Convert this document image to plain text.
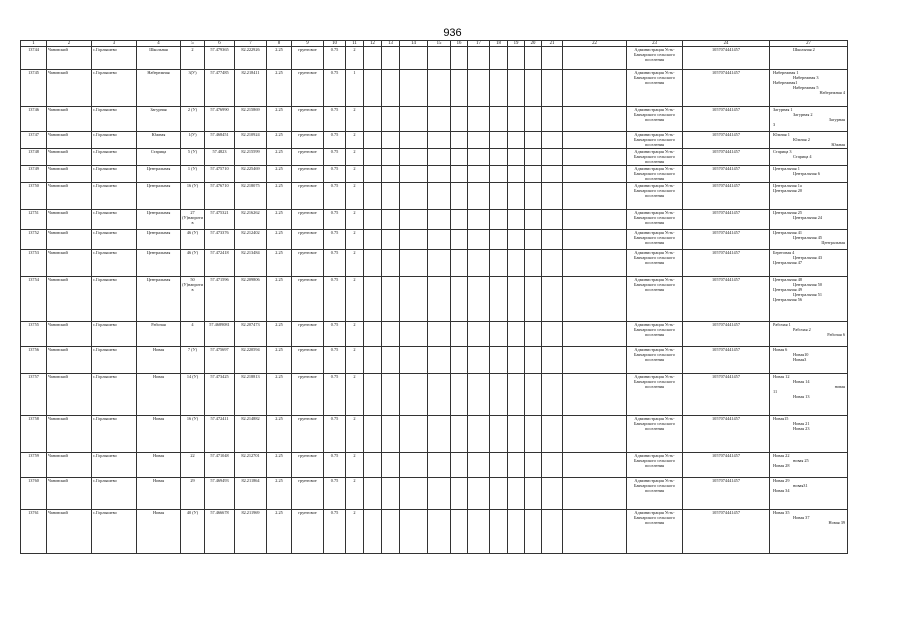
936
1	2	3	4	5	6	7	8	9	10	11	12	13	14	15	16	17	18	19	20	21	22	23	24	27
13744	Чановский	с.Горлышево	Школьная	2	57.479365	82.222926	2.25	грунтовое	0.75	2												Администрация Усть-Бакчарского сельского поселения	1057074441457	Школьная 2

13745	Чановский	с.Горлышево	Набережная	3(У)	57.477485	82.218411	2.25	грунтовое	0.75	1												Администрация Усть-Бакчарского сельского поселения	1057074441457	Набережная 1
Набережная 3
Набережная1
Набережная 5
Набережная 4

13746	Чановский	с.Горлышево	Загурная	2 (У)	57.476990	82.215869	2.25	грунтовое	0.75	2												Администрация Усть-Бакчарского сельского поселения	1057074441457	Загурная 1
Загурная 2
Загурная
3

13747	Чановский	с.Горлышево	Южная	1(У)	57.468451	82.210924	2.25	грунтовое	0.75	2												Администрация Усть-Бакчарского сельского поселения	1057074441457	Южная 1
Южная 2
Южная

13748	Чановский	с.Горлышево	Старица	5 (У)	57.4823	82.215599	2.25	грунтовое	0.75	2												Администрация Усть-Бакчарского сельского поселения	1057074441457	Старица 3
Старица 4

13749	Чановский	с.Горлышево	Центральная	1 (У)	57.475710	82.225469	2.25	грунтовое	0.75	2												Администрация Усть-Бакчарского сельского поселения	1057074441457	Центральная 1
Центральная 6

13750	Чановский	с.Горлышево	Центральная	16 (У)	57.476710	82.218075	2.25	грунтовое	0.75	2												Администрация Усть-Бакчарского сельского поселения	1057074441457	Центральная 1а
Центральная 20

12751	Чановский	с.Горлышево	Центральная	27 (У)напротив	57.475321	82.216262	2.25	грунтовое	0.75	2												Администрация Усть-Бакчарского сельского поселения	1057074441457	Центральная 25
Центральная 24

13752	Чановский	с.Горлышево	Центральная	46 (У)	57.473376	82.212402	2.25	грунтовое	0.75	2												Администрация Усть-Бакчарского сельского поселения	1057074441457	Центральная 41
Центральная 45
Центральная

13753	Чановский	с.Горлышево	Центральная	46 (У)	57.472418	82.213484	2.25	грунтовое	0.75	2												Администрация Усть-Бакчарского сельского поселения	1057074441457	Береговая 4
Центральная 43
Центральная 47

13754	Чановский	с.Горлышево	Центральная	50 (У)напротив	57.471596	82.209806	2.25	грунтовое	0.75	2												Администрация Усть-Бакчарского сельского поселения	1057074441457	Центральная 48
Центральная 50
Центральная 49
Центральная 51
Центральная 56

13755	Чановский	с.Горлышево	Рабочая	4	57.4689081	82.207473	2.25	грунтовое	0.75	2												Администрация Усть-Бакчарского сельского поселения	1057074441457	Рабочая 1
Рабочая 2
Рабочая 6

13756	Чановский	с.Горлышево	Новая	7 (У)	57.475697	82.220594	2.25	грунтовое	0.75	2												Администрация Усть-Бакчарского сельского поселения	1057074441457	Новая 6
Новая10
Новая3

13757	Чановский	с.Горлышево	Новая	14 (У)	57.473425	82.218813	2.25	грунтовое	0.75	2												Администрация Усть-Бакчарского сельского поселения	1057074441457	Новая 12
Новая 14
новая
11
Новая 13

13758	Чановский	с.Горлышево	Новая	16 (У)	57.472411	82.214882	2.25	грунтовое	0.75	2												Администрация Усть-Бакчарского сельского поселения	1057074441457	Новая15
Новая 21
Новая 23

13759	Чановский	с.Горлышево	Новая	22	57.471048	82.212701	2.25	грунтовое	0.75	2												Администрация Усть-Бакчарского сельского поселения	1057074441457	Новая 22
новая 25
Новая 28

13760	Чановский	с.Горлышево	Новая	29	57.469493	82.211864	2.25	грунтовое	0.75	2												Администрация Усть-Бакчарского сельского поселения	1057074441457	Новая 29
новая31
Новая 34

13761	Чановский	с.Горлышево	Новая	40 (У)	57.466678	82.211969	2.25	грунтовое	0.75	2												Администрация Усть-Бакчарского сельского поселения	1057074441457	Новая 35
Новая 37
Новая 39
